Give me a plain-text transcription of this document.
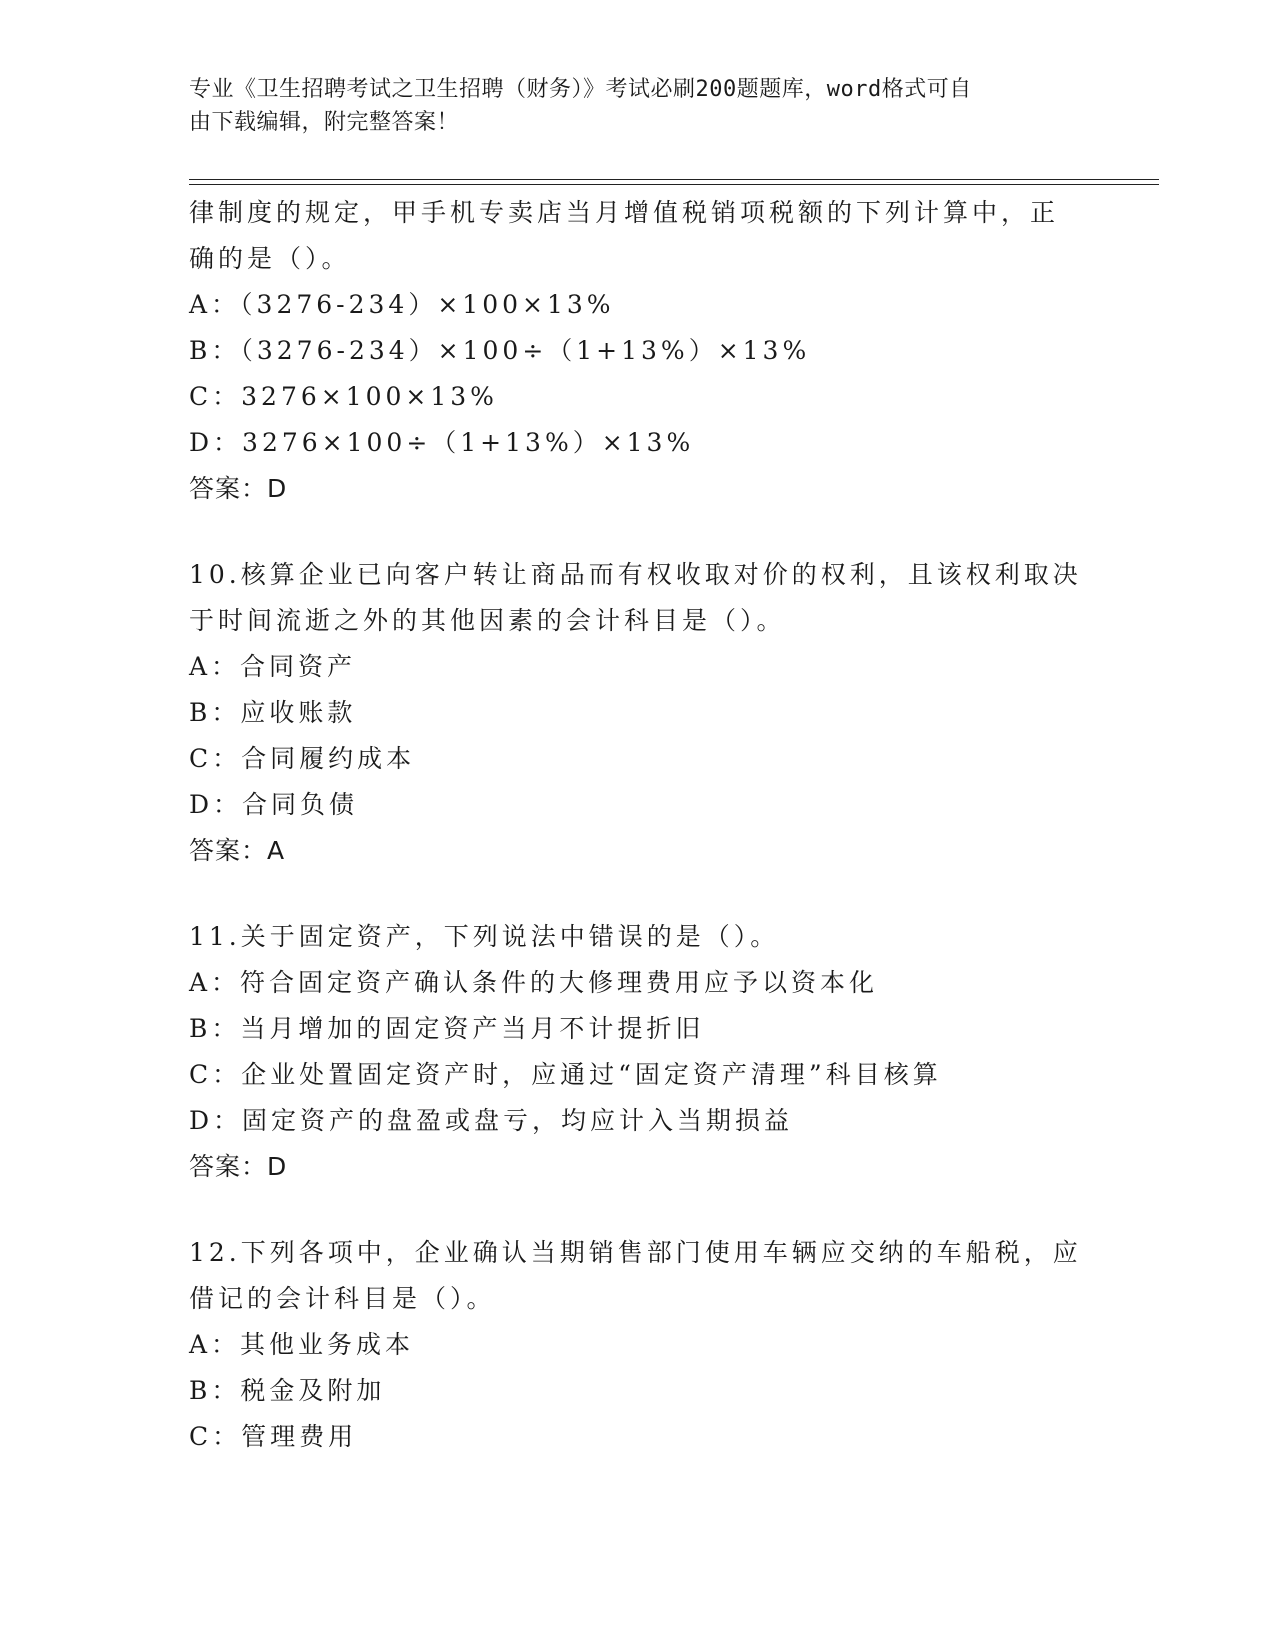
专业《卫生招聘考试之卫生招聘（财务）》考试必刷200题题库，word格式可自
由下载编辑，附完整答案！
律制度的规定，甲手机专卖店当月增值税销项税额的下列计算中，正
确的是（）。
A：（3276-234）×100×13%
B：（3276-234）×100÷（1+13%）×13%
C：3276×100×13%
D：3276×100÷（1+13%）×13%
答案：D
10.核算企业已向客户转让商品而有权收取对价的权利，且该权利取决
于时间流逝之外的其他因素的会计科目是（）。
A：合同资产
B：应收账款
C：合同履约成本
D：合同负债
答案：A
11.关于固定资产，下列说法中错误的是（）。
A：符合固定资产确认条件的大修理费用应予以资本化
B：当月增加的固定资产当月不计提折旧
C：企业处置固定资产时，应通过“固定资产清理”科目核算
D：固定资产的盘盈或盘亏，均应计入当期损益
答案：D
12.下列各项中，企业确认当期销售部门使用车辆应交纳的车船税，应
借记的会计科目是（）。
A：其他业务成本
B：税金及附加
C：管理费用
